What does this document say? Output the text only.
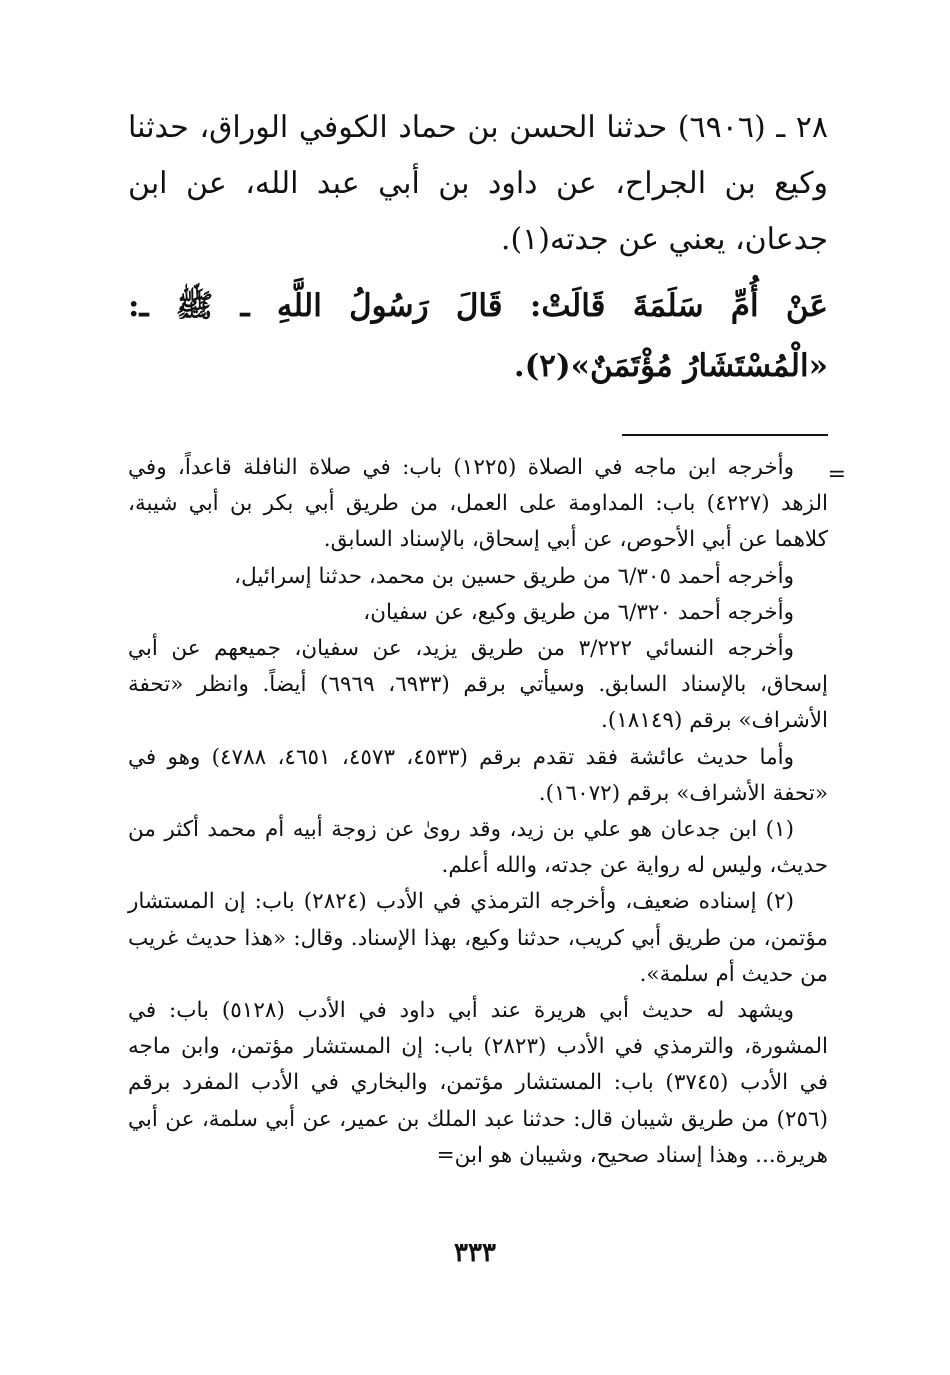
٢٨ ـ (٦٩٠٦) حدثنا الحسن بن حماد الكوفي الوراق، حدثنا وكيع بن الجراح، عن داود بن أبي عبد الله، عن ابن جدعان، يعني عن جدته(١).

عَنْ أُمِّ سَلَمَةَ قَالَتْ: قَالَ رَسُولُ اللَّهِ ـ ﷺ ـ: «الْمُسْتَشَارُ مُؤْتَمَنٌ»(٢).

=

وأخرجه ابن ماجه في الصلاة (١٢٢٥) باب: في صلاة النافلة قاعداً، وفي الزهد (٤٢٢٧) باب: المداومة على العمل، من طريق أبي بكر بن أبي شيبة، كلاهما عن أبي الأحوص، عن أبي إسحاق، بالإسناد السابق.

وأخرجه أحمد ٦/٣٠٥ من طريق حسين بن محمد، حدثنا إسرائيل،

وأخرجه أحمد ٦/٣٢٠ من طريق وكيع، عن سفيان،

وأخرجه النسائي ٣/٢٢٢ من طريق يزيد، عن سفيان، جميعهم عن أبي إسحاق، بالإسناد السابق. وسيأتي برقم (٦٩٣٣، ٦٩٦٩) أيضاً. وانظر «تحفة الأشراف» برقم (١٨١٤٩).

وأما حديث عائشة فقد تقدم برقم (٤٥٣٣، ٤٥٧٣، ٤٦٥١، ٤٧٨٨) وهو في «تحفة الأشراف» برقم (١٦٠٧٢).

(١) ابن جدعان هو علي بن زيد، وقد روىٰ عن زوجة أبيه أم محمد أكثر من حديث، وليس له رواية عن جدته، والله أعلم.

(٢) إسناده ضعيف، وأخرجه الترمذي في الأدب (٢٨٢٤) باب: إن المستشار مؤتمن، من طريق أبي كريب، حدثنا وكيع، بهذا الإسناد. وقال: «هذا حديث غريب من حديث أم سلمة».

ويشهد له حديث أبي هريرة عند أبي داود في الأدب (٥١٢٨) باب: في المشورة، والترمذي في الأدب (٢٨٢٣) باب: إن المستشار مؤتمن، وابن ماجه في الأدب (٣٧٤٥) باب: المستشار مؤتمن، والبخاري في الأدب المفرد برقم (٢٥٦) من طريق شيبان قال: حدثنا عبد الملك بن عمير، عن أبي سلمة، عن أبي هريرة... وهذا إسناد صحيح، وشيبان هو ابن=

٣٣٣
